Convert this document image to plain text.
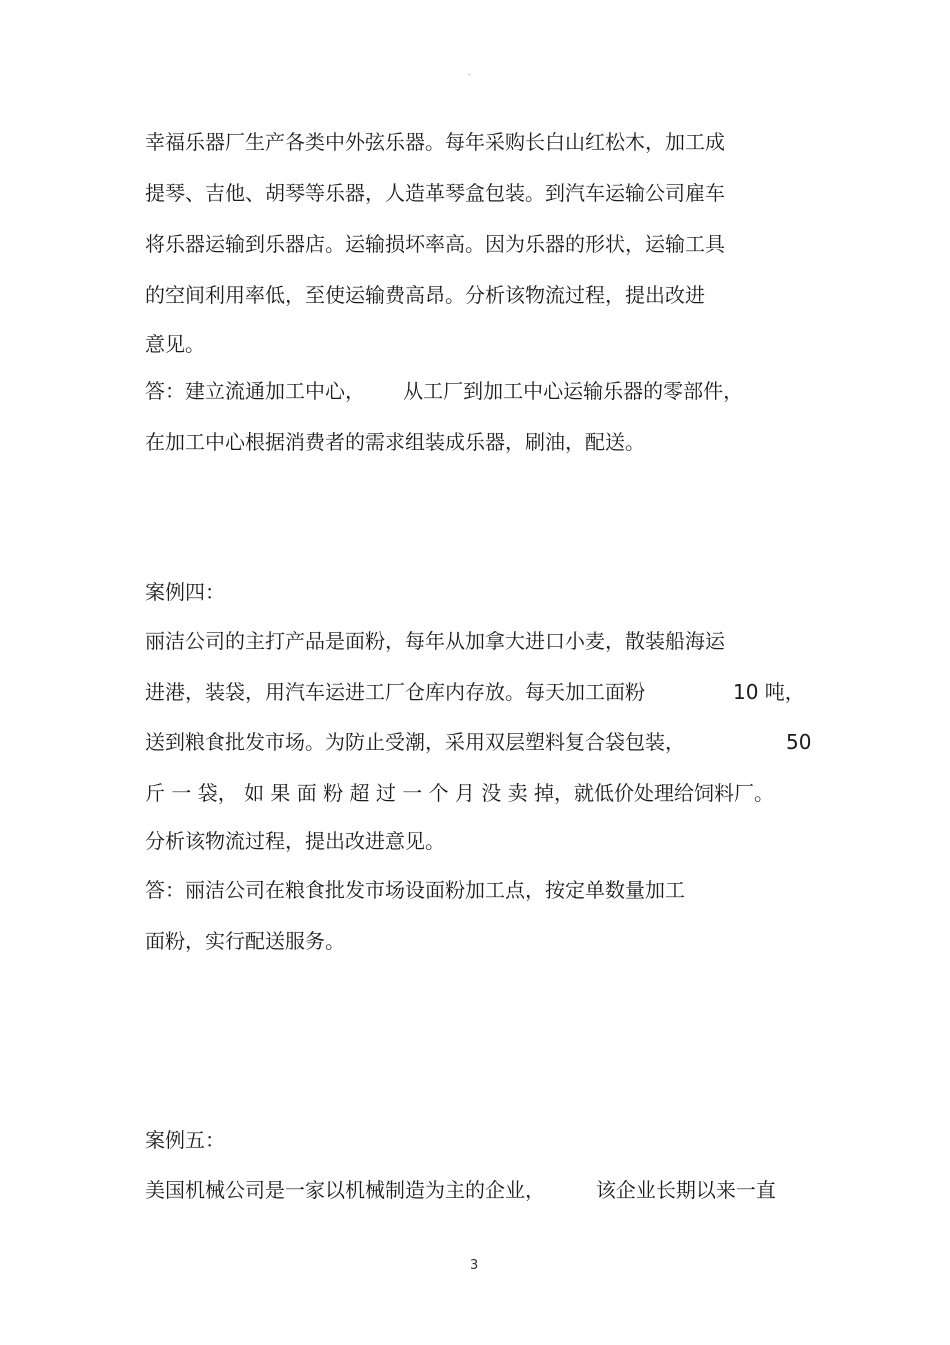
-
幸福乐器厂生产各类中外弦乐器。每年采购长白山红松木，加工成
提琴、吉他、胡琴等乐器，人造革琴盒包装。到汽车运输公司雇车
将乐器运输到乐器店。运输损坏率高。因为乐器的形状，运输工具
的空间利用率低，至使运输费高昂。分析该物流过程，提出改进
意见。
答：建立流通加工中心，      从工厂到加工中心运输乐器的零部件，
在加工中心根据消费者的需求组装成乐器，刷油，配送。
案例四：
丽洁公司的主打产品是面粉，每年从加拿大进口小麦，散装船海运
进港，装袋，用汽车运进工厂仓库内存放。每天加工面粉	10 吨，
送到粮食批发市场。为防止受潮，采用双层塑料复合袋包装，	50
斤 一 袋， 如 果 面 粉 超 过 一 个 月 没 卖 掉，就低价处理给饲料厂。
分析该物流过程，提出改进意见。
答：丽洁公司在粮食批发市场设面粉加工点，按定单数量加工
面粉，实行配送服务。
案例五：
美国机械公司是一家以机械制造为主的企业，        该企业长期以来一直
3
